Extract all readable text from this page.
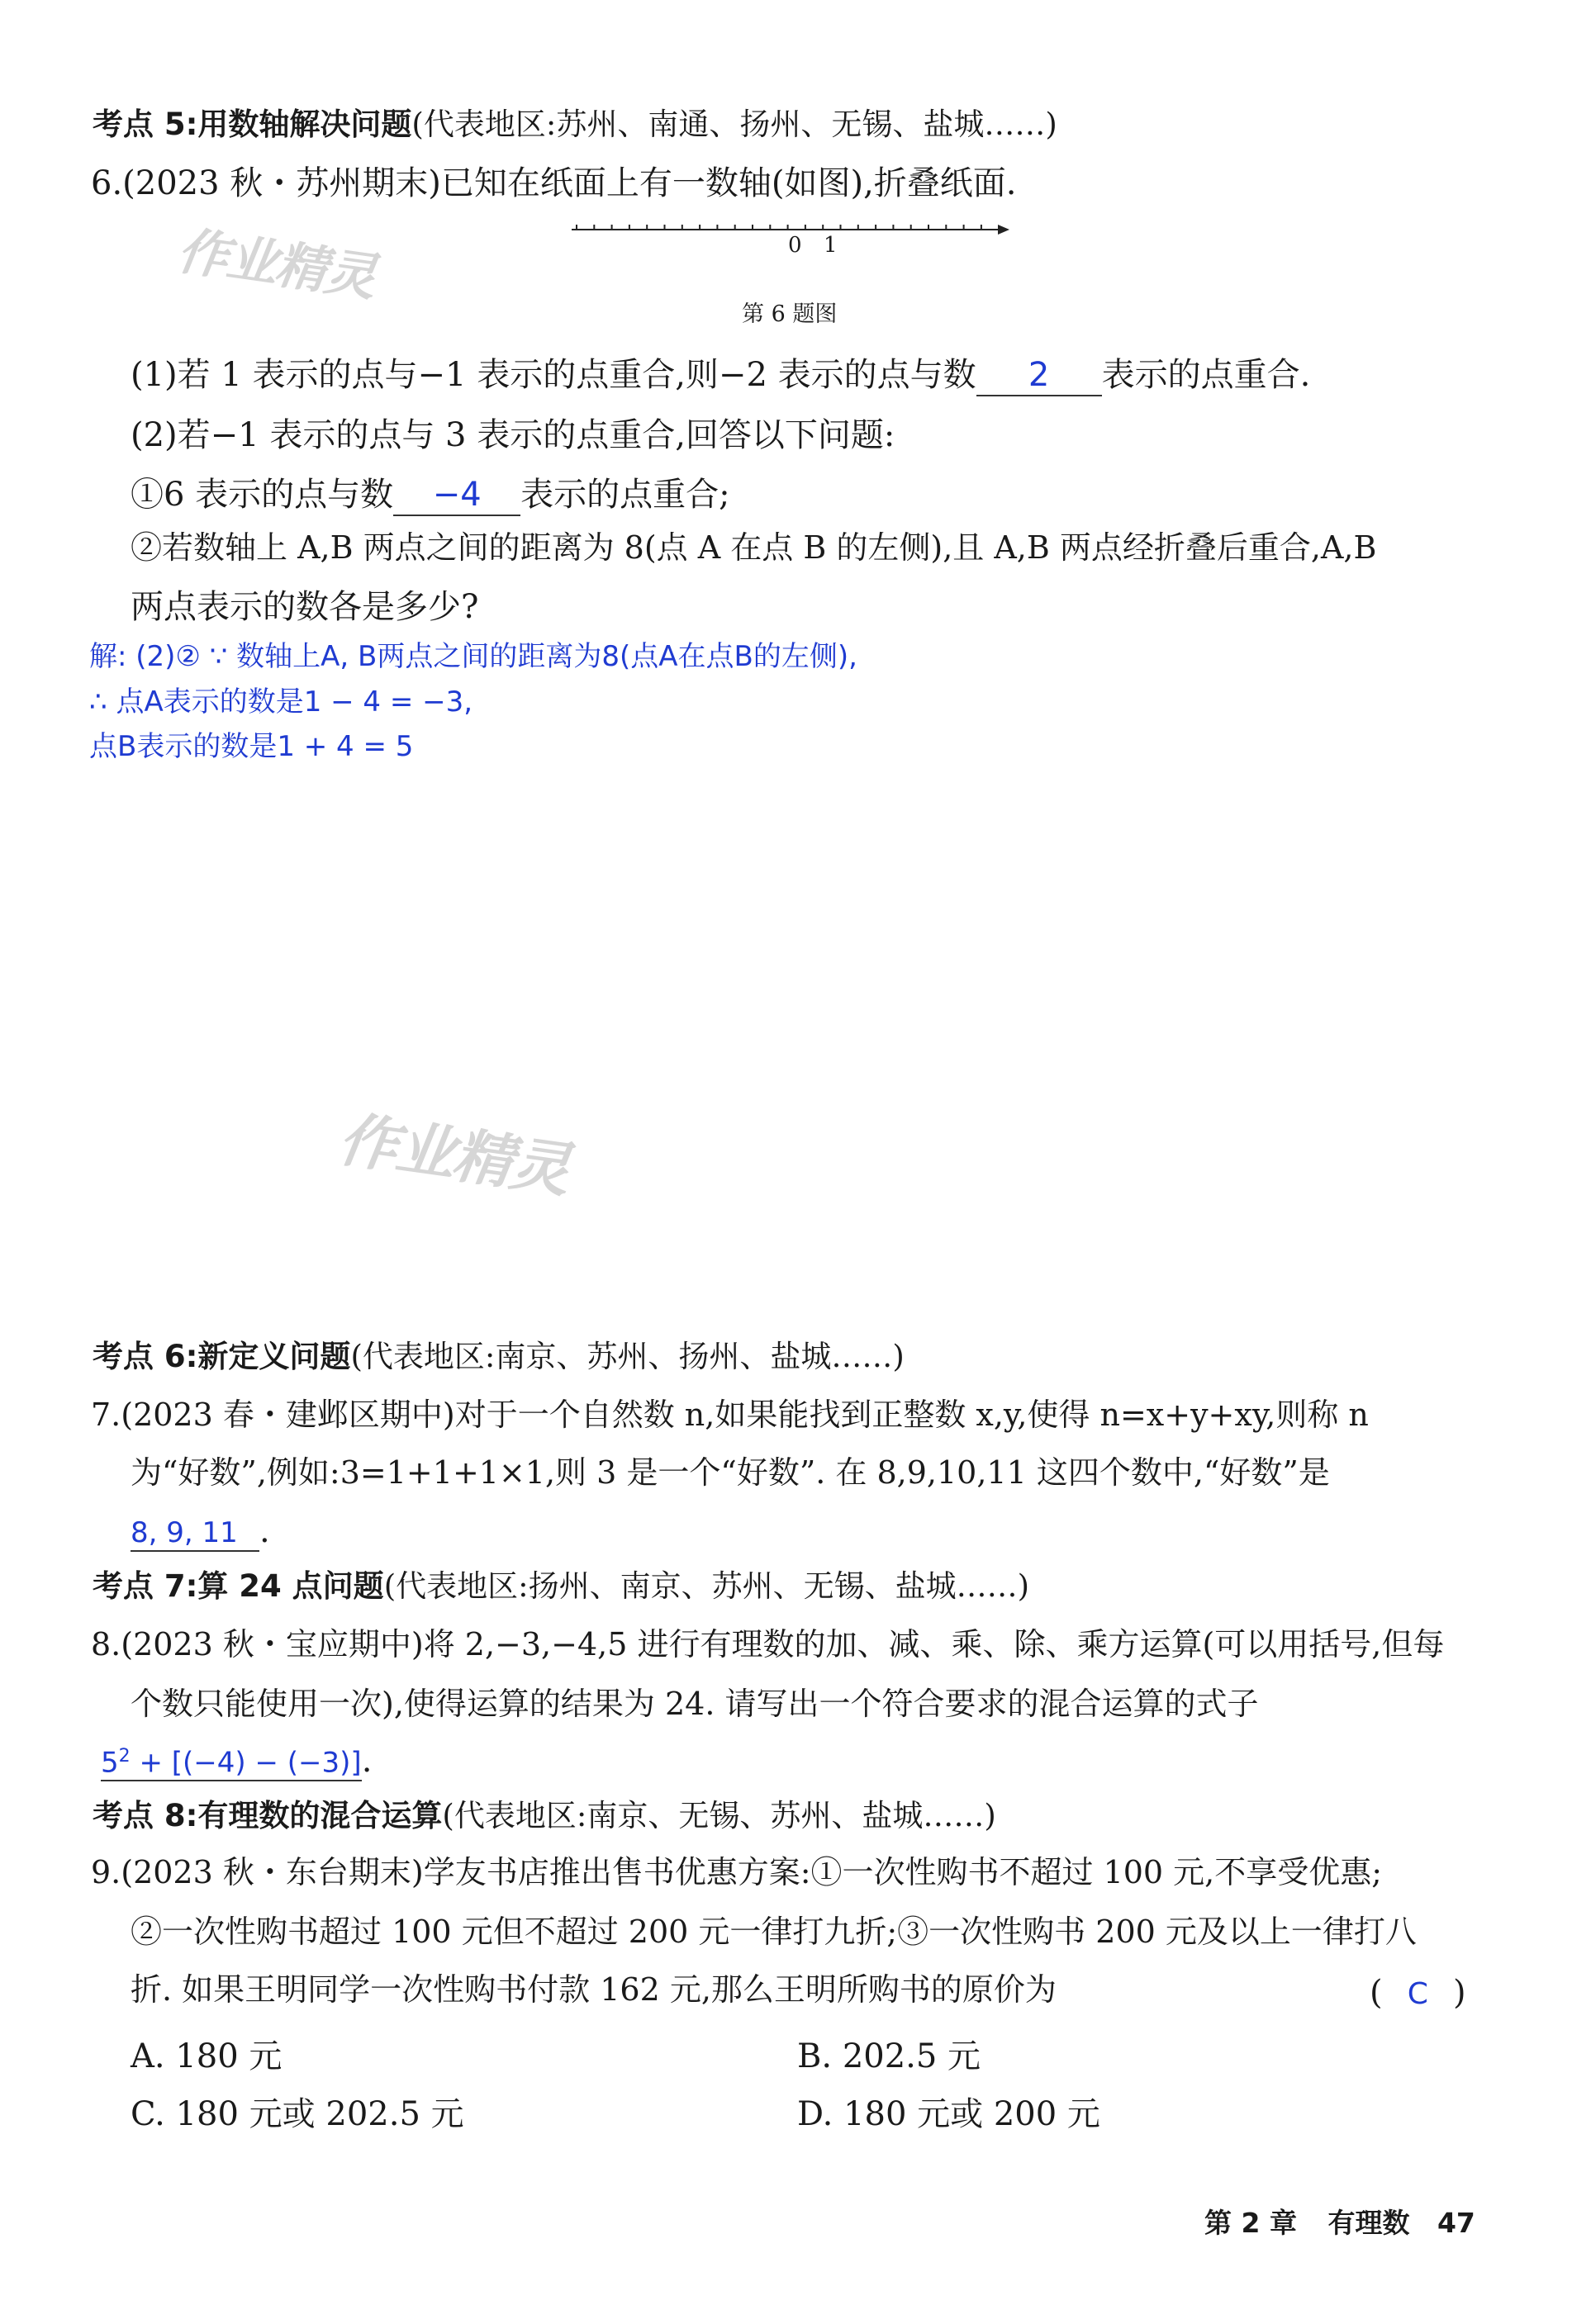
考点 5:用数轴解决问题(代表地区:苏州、南通、扬州、无锡、盐城……)
6.(2023 秋・苏州期末)已知在纸面上有一数轴(如图),折叠纸面.
作业精灵	0 1
第 6 题图
(1)若 1 表示的点与−1 表示的点重合,则−2 表示的点与数 2 表示的点重合.
(2)若−1 表示的点与 3 表示的点重合,回答以下问题:
①6 表示的点与数 −4 表示的点重合;
②若数轴上 A,B 两点之间的距离为 8(点 A 在点 B 的左侧),且 A,B 两点经折叠后重合,A,B
两点表示的数各是多少?
解: (2)② ∵ 数轴上A, B两点之间的距离为8(点A在点B的左侧),
∴ 点A表示的数是1 − 4 = −3,
点B表示的数是1 + 4 = 5
作业精灵
考点 6:新定义问题(代表地区:南京、苏州、扬州、盐城……)
7.(2023 春・建邺区期中)对于一个自然数 n,如果能找到正整数 x,y,使得 n=x+y+xy,则称 n
为“好数”,例如:3=1+1+1×1,则 3 是一个“好数”. 在 8,9,10,11 这四个数中,“好数”是
8, 9, 11 .
考点 7:算 24 点问题(代表地区:扬州、南京、苏州、无锡、盐城……)
8.(2023 秋・宝应期中)将 2,−3,−4,5 进行有理数的加、减、乘、除、乘方运算(可以用括号,但每
个数只能使用一次),使得运算的结果为 24. 请写出一个符合要求的混合运算的式子
$5^2 + [(-4) - (-3)]$.
考点 8:有理数的混合运算(代表地区:南京、无锡、苏州、盐城……)
9.(2023 秋・东台期末)学友书店推出售书优惠方案:①一次性购书不超过 100 元,不享受优惠;
②一次性购书超过 100 元但不超过 200 元一律打九折;③一次性购书 200 元及以上一律打八
折. 如果王明同学一次性购书付款 162 元,那么王明所购书的原价为	( C )
A. 180 元	B. 202.5 元
C. 180 元或 202.5 元	D. 180 元或 200 元
第 2 章 有理数 47
